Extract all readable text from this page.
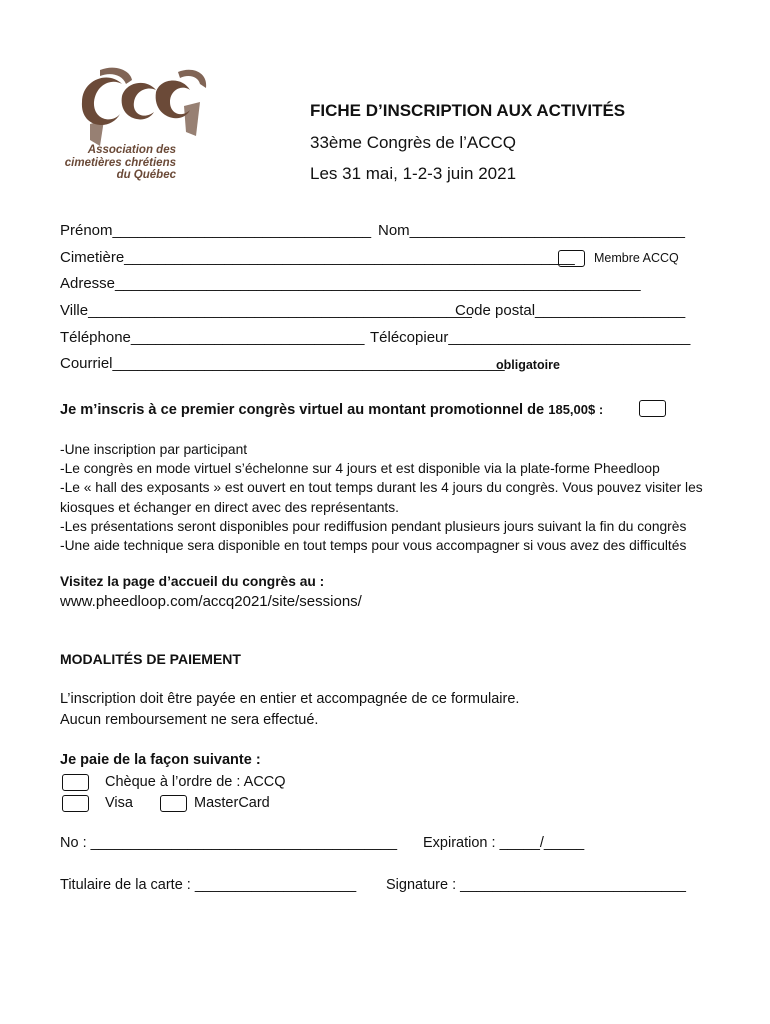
Association des
cimetières chrétiens
du Québec
FICHE D’INSCRIPTION AUX ACTIVITÉS
33ème Congrès de l’ACCQ
Les 31 mai, 1-2-3 juin 2021
Prénom_______________________________ Nom_________________________________
Cimetière______________________________________________________ Membre ACCQ
Adresse_______________________________________________________________
Ville______________________________________________
Code postal__________________
Téléphone____________________________ Télécopieur_____________________________
Courriel_______________________________________________
obligatoire
Je m’inscris à ce premier congrès virtuel au montant promotionnel de 185,00$ :
-Une inscription par participant
-Le congrès en mode virtuel s’échelonne sur 4 jours et est disponible via la plate-forme Pheedloop
-Le « hall des exposants » est ouvert en tout temps durant les 4 jours du congrès. Vous pouvez visiter les kiosques et échanger en direct avec des représentants.
-Les présentations seront disponibles pour rediffusion pendant plusieurs jours suivant la fin du congrès
-Une aide technique sera disponible en tout temps pour vous accompagner si vous avez des difficultés
Visitez la page d’accueil du congrès au :
www.pheedloop.com/accq2021/site/sessions/
MODALITÉS DE PAIEMENT
L’inscription doit être payée en entier et accompagnée de ce formulaire.
Aucun remboursement ne sera effectué.
Je paie de la façon suivante :
Chèque à l’ordre de : ACCQ
Visa	MasterCard
No : ______________________________________ Expiration : _____/_____
Titulaire de la carte : ____________________ Signature : ____________________________
